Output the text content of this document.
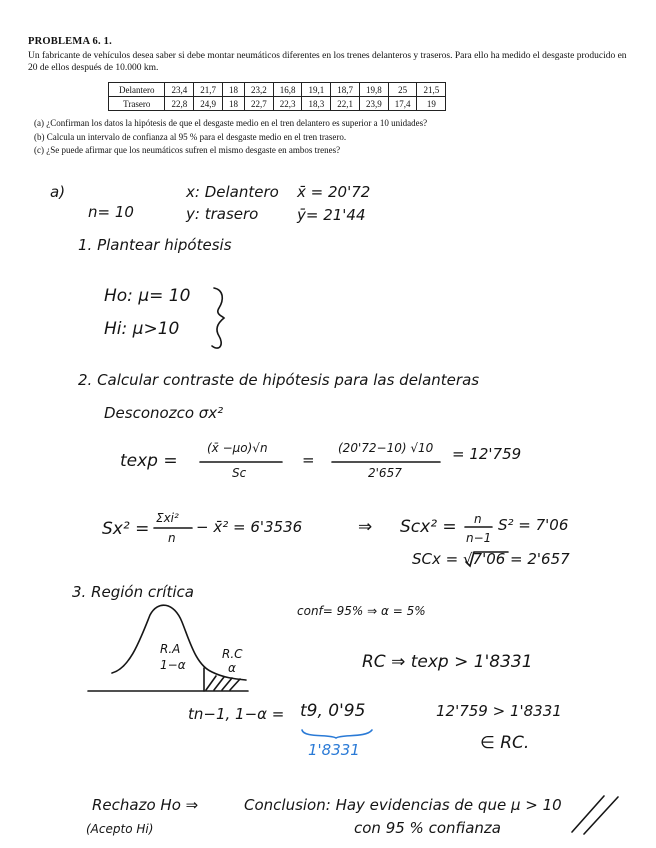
PROBLEMA 6. 1.
Un fabricante de vehículos desea saber si debe montar neumáticos diferentes en los trenes delanteros y traseros. Para ello ha medido el desgaste producido en 20 de ellos después de 10.000 km.
Delantero	23,4	21,7	18	23,2	16,8	19,1	18,7	19,8	25	21,5
Trasero	22,8	24,9	18	22,7	22,3	18,3	22,1	23,9	17,4	19
(a) ¿Confirman los datos la hipótesis de que el desgaste medio en el tren delantero es superior a 10 unidades?
(b) Calcula un intervalo de confianza al 95 % para el desgaste medio en el tren trasero.
(c) ¿Se puede afirmar que los neumáticos sufren el mismo desgaste en ambos trenes?
a)
n= 10
x: Delantero
y: trasero
x̄ = 20'72
ȳ= 21'44
1. Plantear hipótesis
Ho: μ= 10
Hi: μ>10
2. Calcular contraste de hipótesis para las delanteras
Desconozco σx²
texp =
(x̄ −μo)√n
Sc
=
(20'72−10) √10
2'657
= 12'759
Sx² =
Σxi²
n
− x̄² = 6'3536	⇒ Scx² = n
n−1
S² = 7'06
SCx = √7'06 = 2'657
3. Región crítica
conf= 95% ⇒ α = 5%
R.A
1−α
R.C
α	RC ⇒ texp > 1'8331
tn−1, 1−α = t9, 0'95
1'8331
12'759 > 1'8331
∈ RC.
Rechazo Ho ⇒
(Acepto Hi)
Conclusion: Hay evidencias de que μ > 10
con 95 % confianza
